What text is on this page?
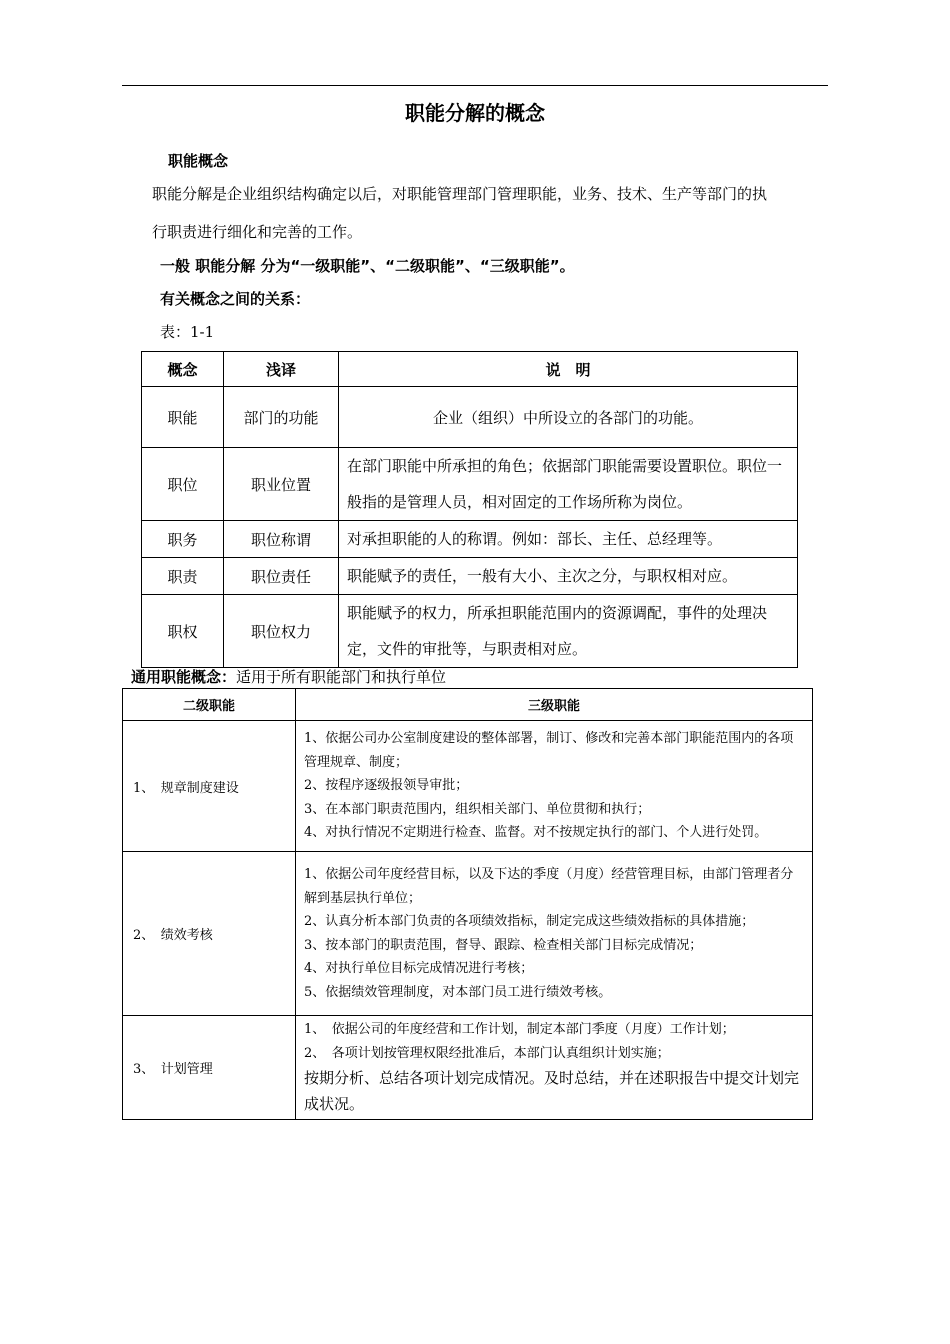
职能分解的概念
职能概念
职能分解是企业组织结构确定以后，对职能管理部门管理职能，业务、技术、生产等部门的执
行职责进行细化和完善的工作。
一般 职能分解 分为“一级职能”、“二级职能”、“三级职能”。
有关概念之间的关系：
表：1-1
概念	浅译	说　明
职能	部门的功能	企业（组织）中所设立的各部门的功能。
职位	职业位置	在部门职能中所承担的角色；依据部门职能需要设置职位。职位一般指的是管理人员，相对固定的工作场所称为岗位。
职务	职位称谓	对承担职能的人的称谓。例如：部长、主任、总经理等。
职责	职位责任	职能赋予的责任，一般有大小、主次之分，与职权相对应。
职权	职位权力	职能赋予的权力，所承担职能范围内的资源调配，事件的处理决定，文件的审批等，与职责相对应。
通用职能概念：适用于所有职能部门和执行单位
二级职能	三级职能
1、　规章制度建设	1、依据公司办公室制度建设的整体部署，制订、修改和完善本部门职能范围内的各项管理规章、制度；
2、按程序逐级报领导审批；
3、在本部门职责范围内，组织相关部门、单位贯彻和执行；
4、对执行情况不定期进行检查、监督。对不按规定执行的部门、个人进行处罚。

2、　绩效考核	1、依据公司年度经营目标，以及下达的季度（月度）经营管理目标，由部门管理者分解到基层执行单位；
2、认真分析本部门负责的各项绩效指标，制定完成这些绩效指标的具体措施；
3、按本部门的职责范围，督导、跟踪、检查相关部门目标完成情况；
4、对执行单位目标完成情况进行考核；
5、依据绩效管理制度，对本部门员工进行绩效考核。

3、　计划管理	1、　依据公司的年度经营和工作计划，制定本部门季度（月度）工作计划；
2、　各项计划按管理权限经批准后，本部门认真组织计划实施；
按期分析、总结各项计划完成情况。及时总结，并在述职报告中提交计划完成状况。
